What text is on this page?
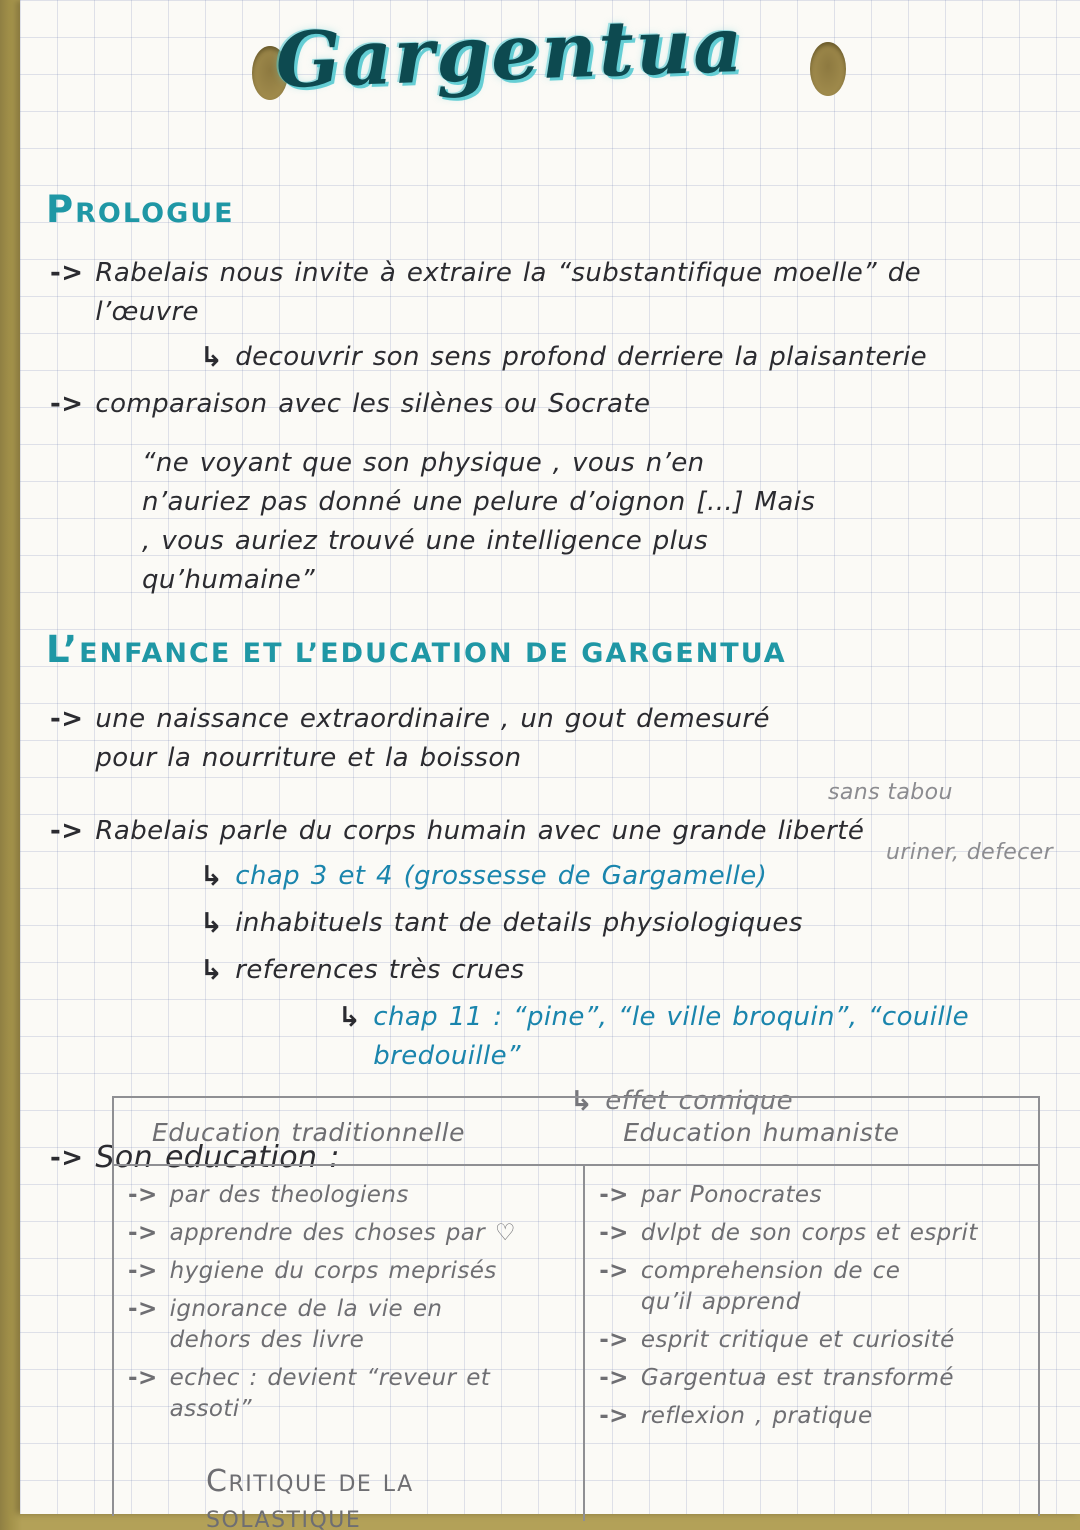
Gargentua
PROLOGUE
-> Rabelais nous invite à extraire la “substantifique moelle” de l’œuvre
↳ decouvrir son sens profond derriere la plaisanterie
-> comparaison avec les silènes ou Socrate
“ne voyant que son physique , vous n’en n’auriez pas donné une pelure d’oignon […] Mais , vous auriez trouvé une intelligence plus qu’humaine”
L’ENFANCE ET L’EDUCATION DE GARGENTUA
sans tabou
uriner, defecer
-> une naissance extraordinaire , un gout demesuré pour la nourriture et la boisson
-> Rabelais parle du corps humain avec une grande liberté
↳ chap 3 et 4 (grossesse de Gargamelle)
↳ inhabituels tant de details physiologiques
↳ references très crues
↳ chap 11 : “pine”, “le ville broquin”, “couille bredouille”
↳ effet comique
-> Son education :
Education traditionnelle	Education humaniste
-> par des theologiens
-> apprendre des choses par ♡
-> hygiene du corps meprisés
-> ignorance de la vie en dehors des livre
-> echec : devient “reveur et assoti”
CRITIQUE DE LA SOLASTIQUE
-> par Ponocrates
-> dvlpt de son corps et esprit
-> comprehension de ce qu’il apprend
-> esprit critique et curiosité
-> Gargentua est transformé
-> reflexion , pratique
